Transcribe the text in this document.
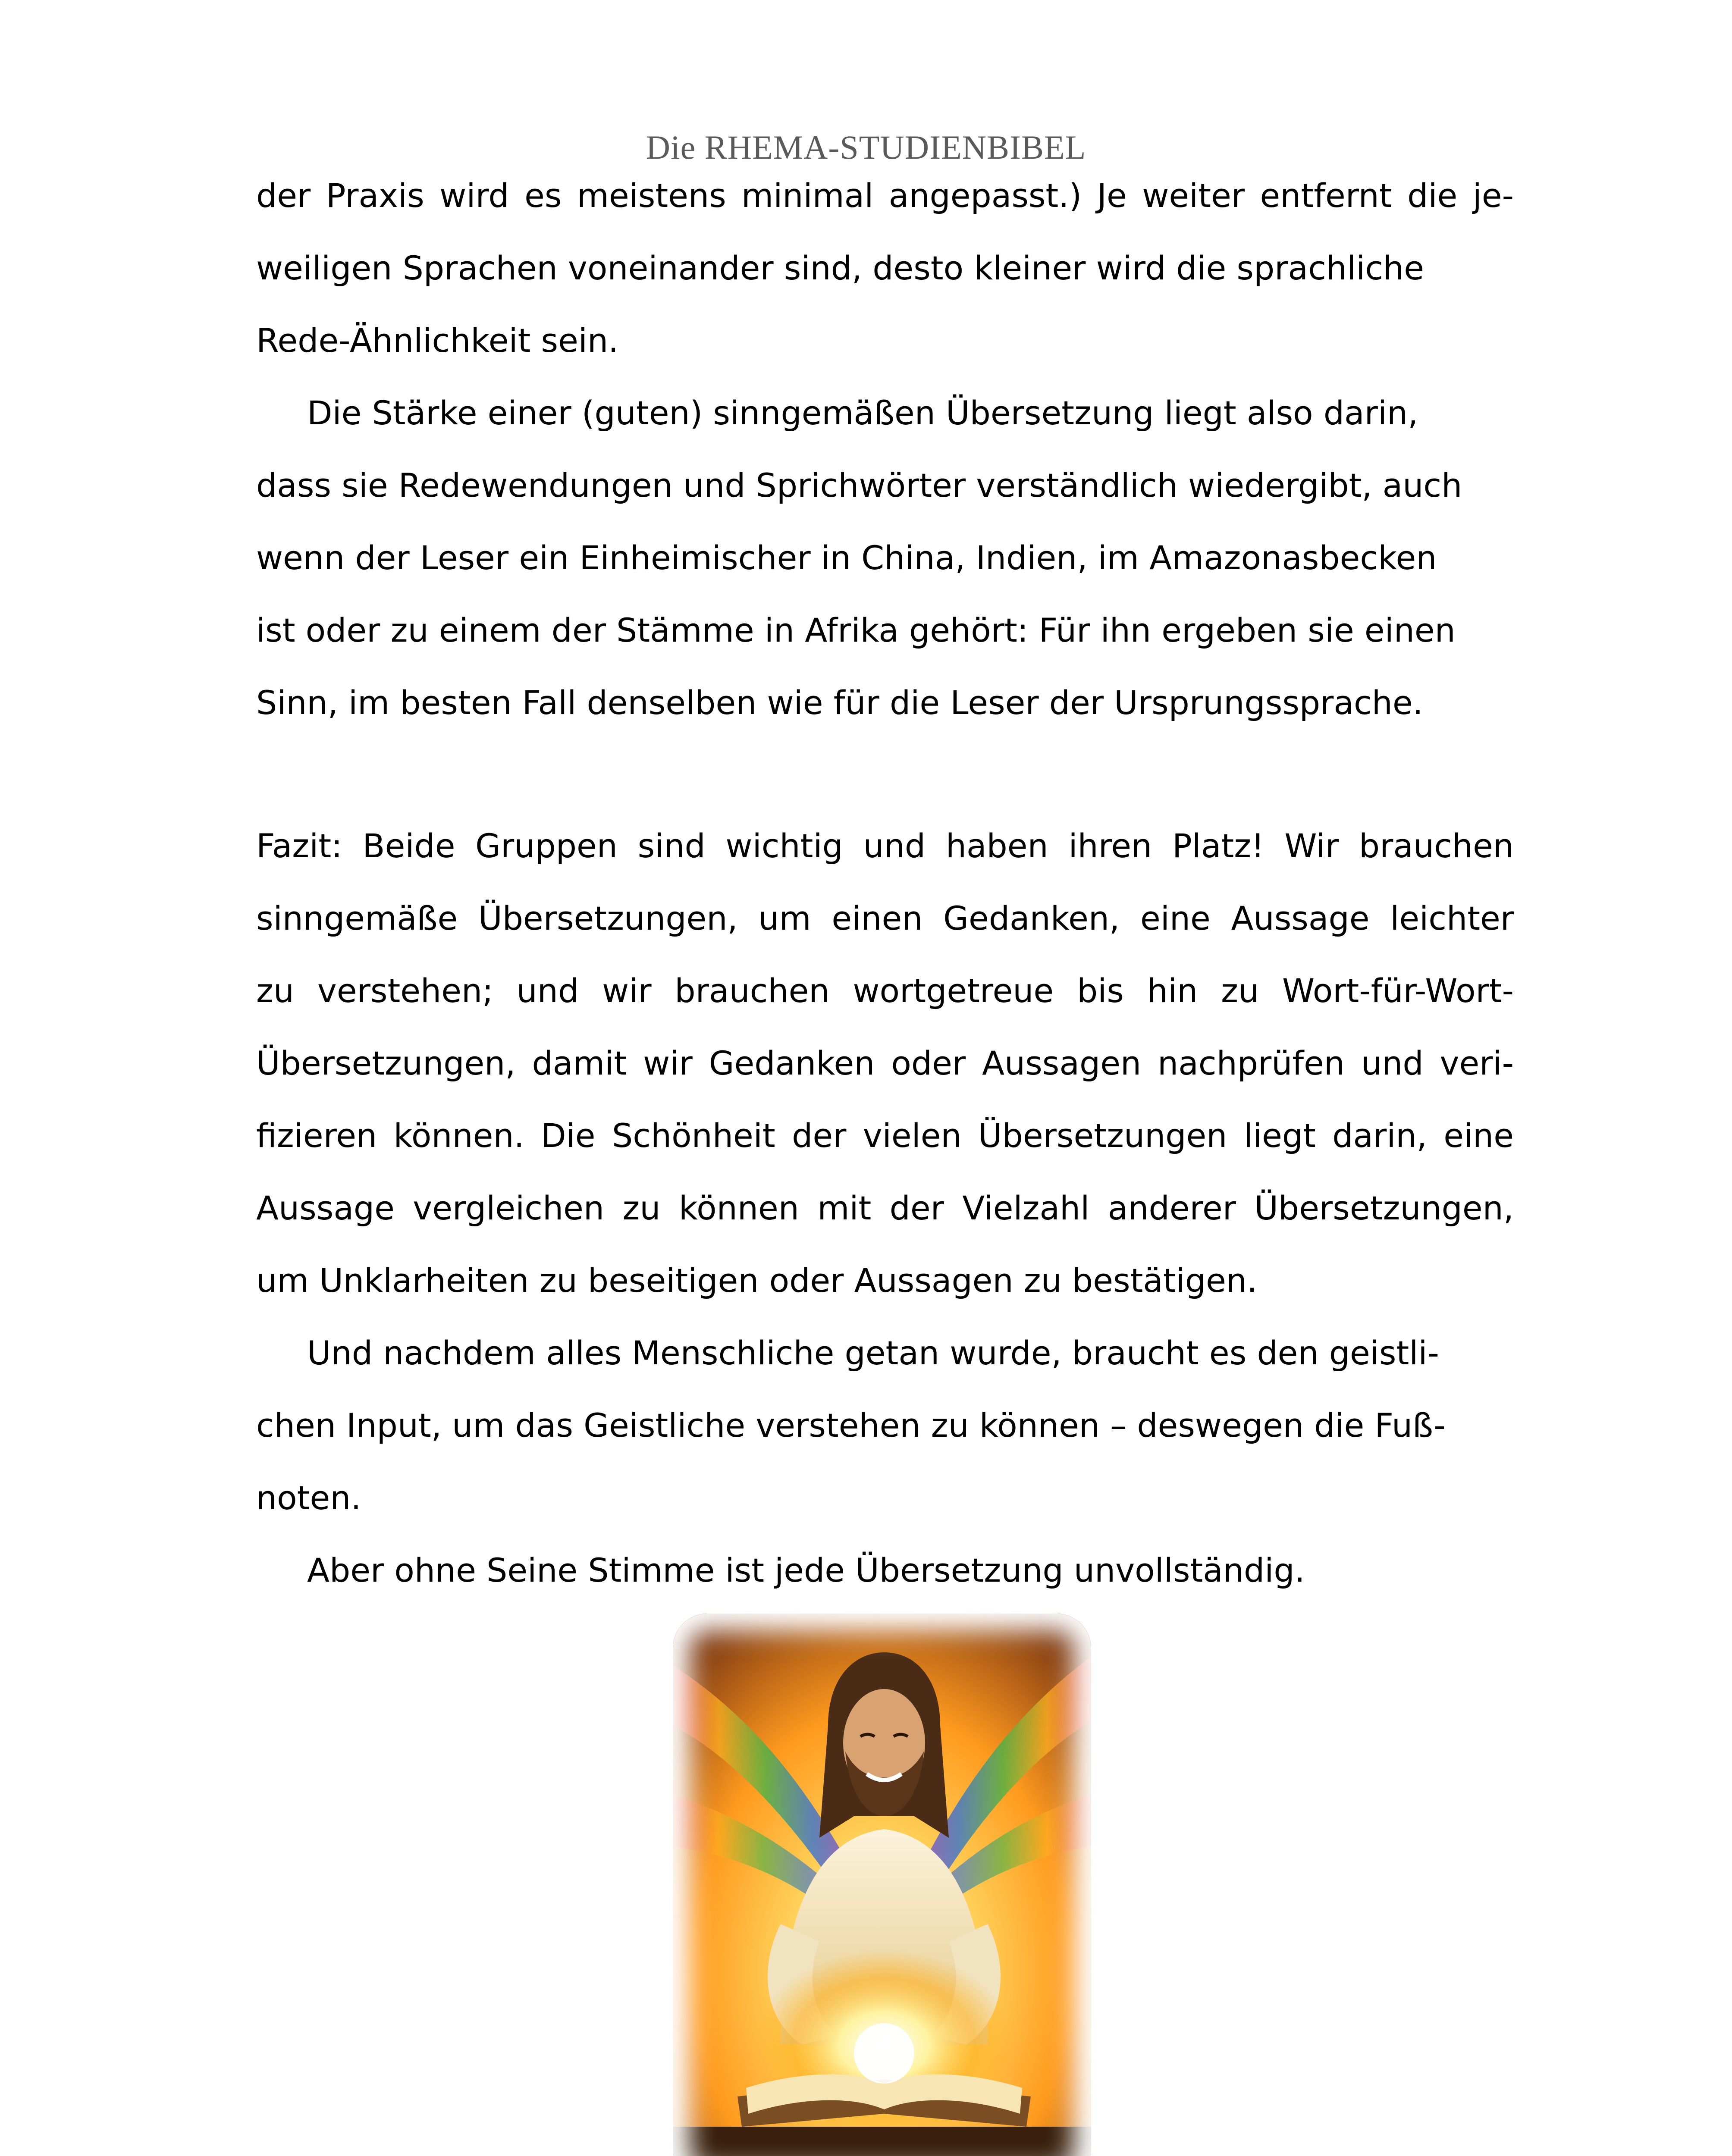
Die RHEMA-STUDIENBIBEL
der Praxis wird es meistens minimal angepasst.) Je weiter entfernt die je-
weiligen Sprachen voneinander sind, desto kleiner wird die sprachliche
Rede-Ähnlichkeit sein.
Die Stärke einer (guten) sinngemäßen Übersetzung liegt also darin,
dass sie Redewendungen und Sprichwörter verständlich wiedergibt, auch
wenn der Leser ein Einheimischer in China, Indien, im Amazonasbecken
ist oder zu einem der Stämme in Afrika gehört: Für ihn ergeben sie einen
Sinn, im besten Fall denselben wie für die Leser der Ursprungssprache.
Fazit: Beide Gruppen sind wichtig und haben ihren Platz! Wir brauchen
sinngemäße Übersetzungen, um einen Gedanken, eine Aussage leichter
zu verstehen; und wir brauchen wortgetreue bis hin zu Wort-für-Wort-
Übersetzungen, damit wir Gedanken oder Aussagen nachprüfen und veri-
fizieren können. Die Schönheit der vielen Übersetzungen liegt darin, eine
Aussage vergleichen zu können mit der Vielzahl anderer Übersetzungen,
um Unklarheiten zu beseitigen oder Aussagen zu bestätigen.
Und nachdem alles Menschliche getan wurde, braucht es den geistli-
chen Input, um das Geistliche verstehen zu können – deswegen die Fuß-
noten.
Aber ohne Seine Stimme ist jede Übersetzung unvollständig.
